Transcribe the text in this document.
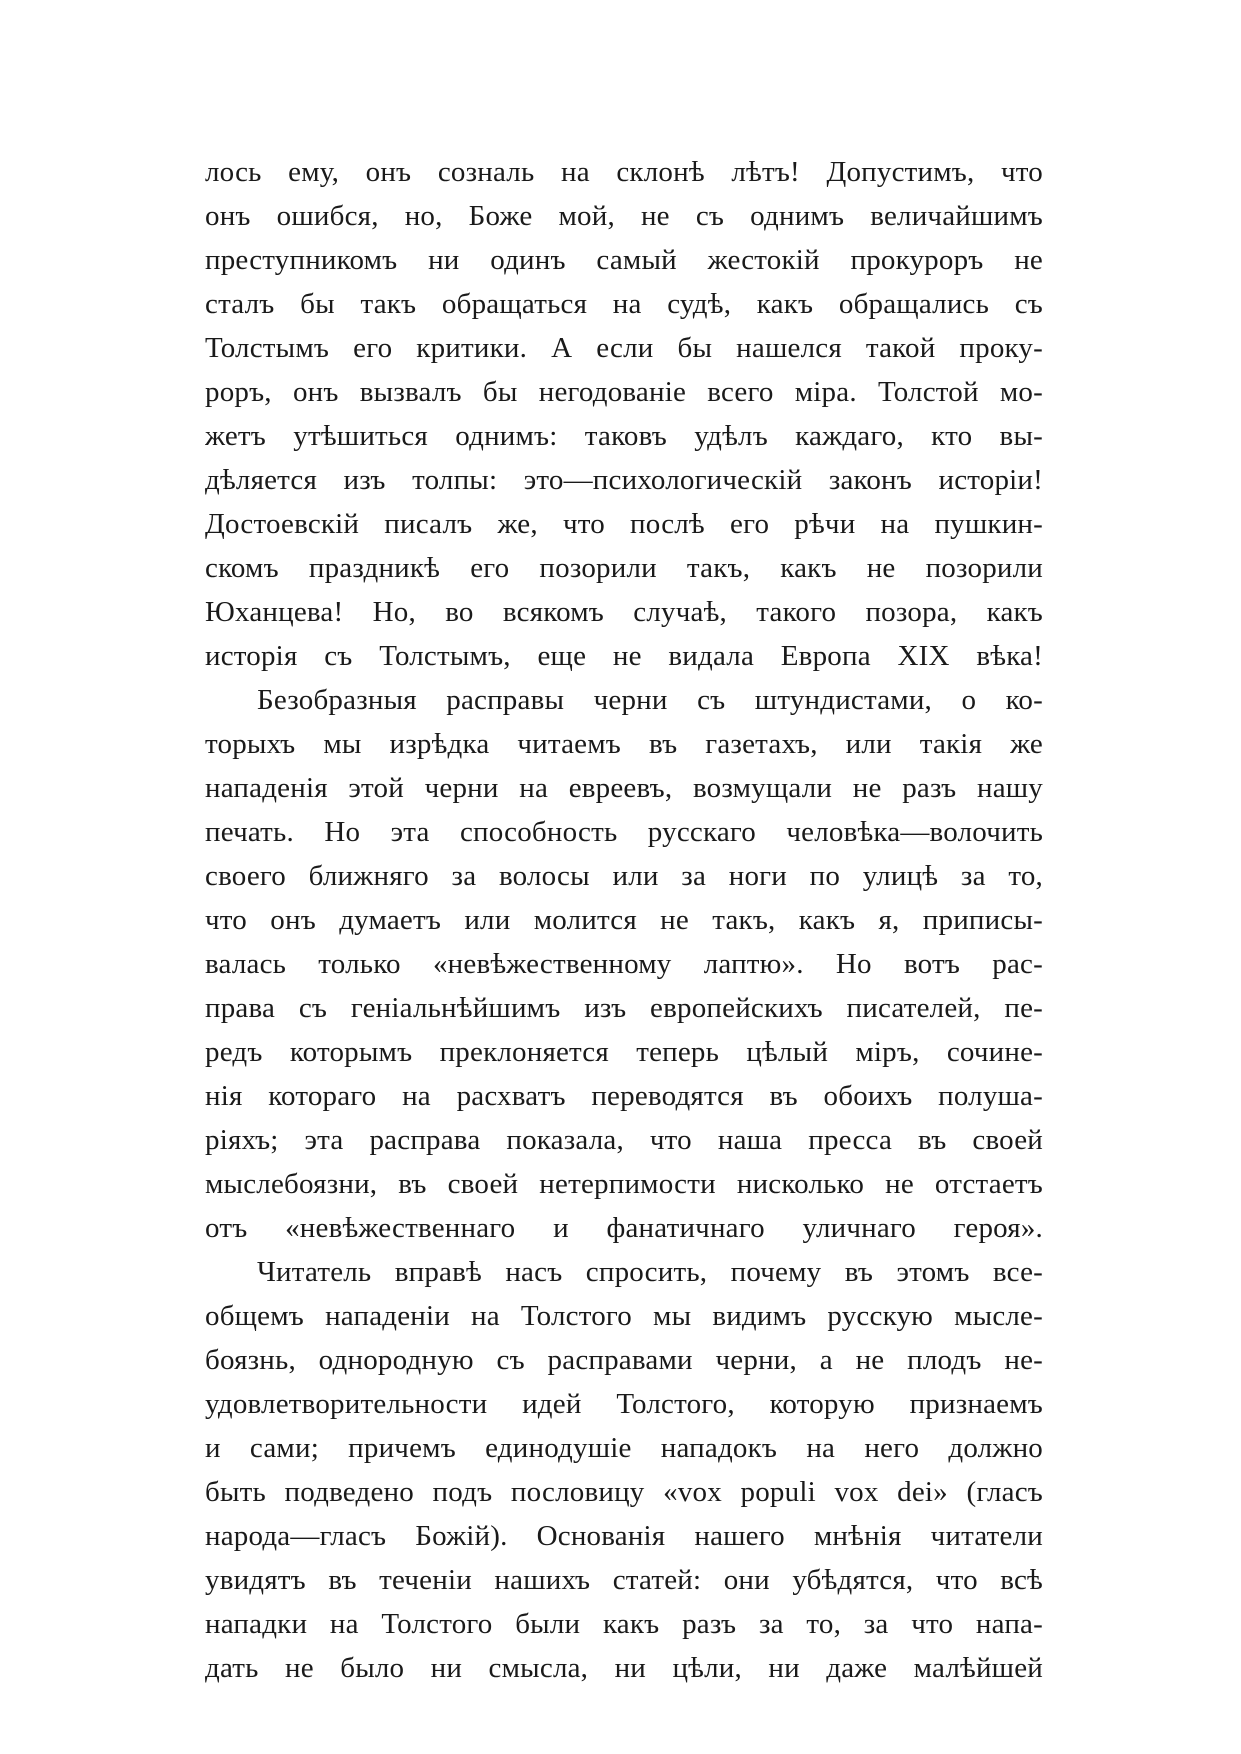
лось ему, онъ созналь на склонѣ лѣтъ! Допустимъ, что
онъ ошибся, но, Боже мой, не съ однимъ величайшимъ
преступникомъ ни одинъ самый жестокій прокуроръ не
сталъ бы такъ обращаться на судѣ, какъ обращались съ
Толстымъ его критики. А если бы нашелся такой проку-
роръ, онъ вызвалъ бы негодованіе всего міра. Толстой мо-
жетъ утѣшиться однимъ: таковъ удѣлъ каждаго, кто вы-
дѣляется изъ толпы: это—психологическій законъ исторіи!
Достоевскій писалъ же, что послѣ его рѣчи на пушкин-
скомъ праздникѣ его позорили такъ, какъ не позорили
Юханцева! Но, во всякомъ случаѣ, такого позора, какъ
исторія съ Толстымъ, еще не видала Европа XIX вѣка!
Безобразныя расправы черни съ штундистами, о ко-
торыхъ мы изрѣдка читаемъ въ газетахъ, или такія же
нападенія этой черни на евреевъ, возмущали не разъ нашу
печать. Но эта способность русскаго человѣка—волочить
своего ближняго за волосы или за ноги по улицѣ за то,
что онъ думаетъ или молится не такъ, какъ я, приписы-
валась только «невѣжественному лаптю». Но вотъ рас-
права съ геніальнѣйшимъ изъ европейскихъ писателей, пе-
редъ которымъ преклоняется теперь цѣлый міръ, сочине-
нія котораго на расхватъ переводятся въ обоихъ полуша-
ріяхъ; эта расправа показала, что наша пресса въ своей
мыслебоязни, въ своей нетерпимости нисколько не отстаетъ
отъ «невѣжественнаго и фанатичнаго уличнаго героя».
Читатель вправѣ насъ спросить, почему въ этомъ все-
общемъ нападеніи на Толстого мы видимъ русскую мысле-
боязнь, однородную съ расправами черни, а не плодъ не-
удовлетворительности идей Толстого, которую признаемъ
и сами; причемъ единодушіе нападокъ на него должно
быть подведено подъ пословицу «vox populi vox dei» (гласъ
народа—гласъ Божій). Основанія нашего мнѣнія читатели
увидятъ въ теченіи нашихъ статей: они убѣдятся, что всѣ
нападки на Толстого были какъ разъ за то, за что напа-
дать не было ни смысла, ни цѣли, ни даже малѣйшей
